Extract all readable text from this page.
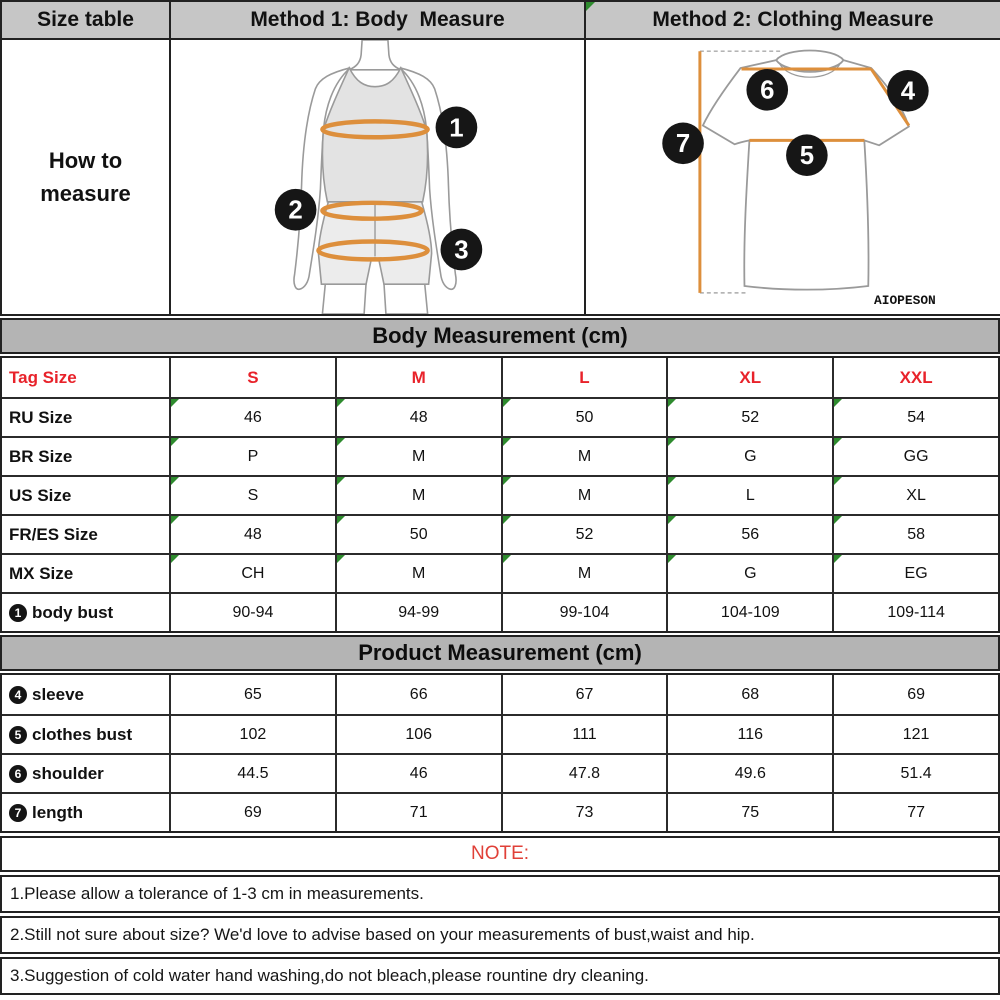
Size table	Method 1: Body  Measure	Method 2: Clothing Measure
How to
measure
1
2
3
6	4
7	5
AIOPESON
Body Measurement (cm)
Tag Size	S	M	L	XL	XXL
RU Size	46	48	50	52	54
BR Size	P	M	M	G	GG
US Size	S	M	M	L	XL
FR/ES Size	48	50	52	56	58
MX Size	CH	M	M	G	EG
1 body bust	90-94	94-99	99-104	104-109	109-114
Product Measurement (cm)
4 sleeve	65	66	67	68	69
5 clothes bust	102	106	111	116	121
6 shoulder	44.5	46	47.8	49.6	51.4
7 length	69	71	73	75	77
NOTE:
1.Please allow a tolerance of 1-3 cm in measurements.
2.Still not sure about size? We'd love to advise based on your measurements of bust,waist and hip.
3.Suggestion of cold water hand washing,do not bleach,please rountine dry cleaning.
